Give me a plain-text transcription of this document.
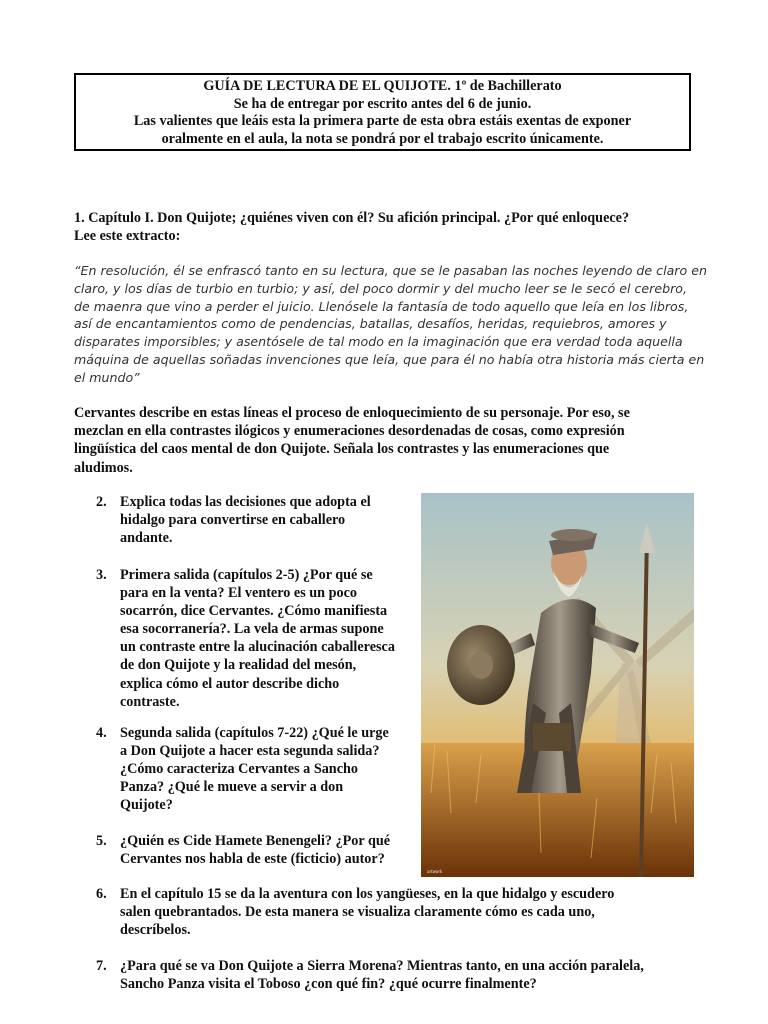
GUÍA DE LECTURA DE EL QUIJOTE. 1º de Bachillerato
Se ha de entregar por escrito antes del 6 de junio.
Las valientes que leáis esta la primera parte de esta obra estáis exentas de exponer
oralmente en el aula, la nota se pondrá por el trabajo escrito únicamente.
1. Capítulo I. Don Quijote; ¿quiénes viven con él? Su afición principal. ¿Por qué enloquece?
Lee este extracto:
“En resolución, él se enfrascó tanto en su lectura, que se le pasaban las noches leyendo de claro en
claro, y los días de turbio en turbio; y así, del poco dormir y del mucho leer se le secó el cerebro,
de maenra que vino a perder el juicio. Llenósele la fantasía de todo aquello que leía en los libros,
así de encantamientos como de pendencias, batallas, desafíos, heridas, requiebros, amores y
disparates imporsibles; y asentósele de tal modo en la imaginación que era verdad toda aquella
máquina de aquellas soñadas invenciones que leía, que para él no había otra historia más cierta en
el mundo”
Cervantes describe en estas líneas el proceso de enloquecimiento de su personaje. Por eso, se
mezclan en ella contrastes ilógicos y enumeraciones desordenadas de cosas, como expresión
lingüística del caos mental de don Quijote. Señala los contrastes y las enumeraciones que
aludimos.
2. Explica todas las decisiones que adopta el
hidalgo para convertirse en caballero
andante.
3. Primera salida (capítulos 2-5) ¿Por qué se
para en la venta? El ventero es un poco
socarrón, dice Cervantes. ¿Cómo manifiesta
esa socorranería?. La vela de armas supone
un contraste entre la alucinación caballeresca
de don Quijote y la realidad del mesón,
explica cómo el autor describe dicho
contraste.
4. Segunda salida (capítulos 7-22) ¿Qué le urge
a Don Quijote a hacer esta segunda salida?
¿Cómo caracteriza Cervantes a Sancho
Panza? ¿Qué le mueve a servir a don
Quijote?
5. ¿Quién es Cide Hamete Benengeli? ¿Por qué
Cervantes nos habla de este (ficticio) autor?
6. En el capítulo 15 se da la aventura con los yangüeses, en la que hidalgo y escudero
salen quebrantados. De esta manera se visualiza claramente cómo es cada uno,
descríbelos.
7. ¿Para qué se va Don Quijote a Sierra Morena? Mientras tanto, en una acción paralela,
Sancho Panza visita el Toboso ¿con qué fin? ¿qué ocurre finalmente?
artwork
